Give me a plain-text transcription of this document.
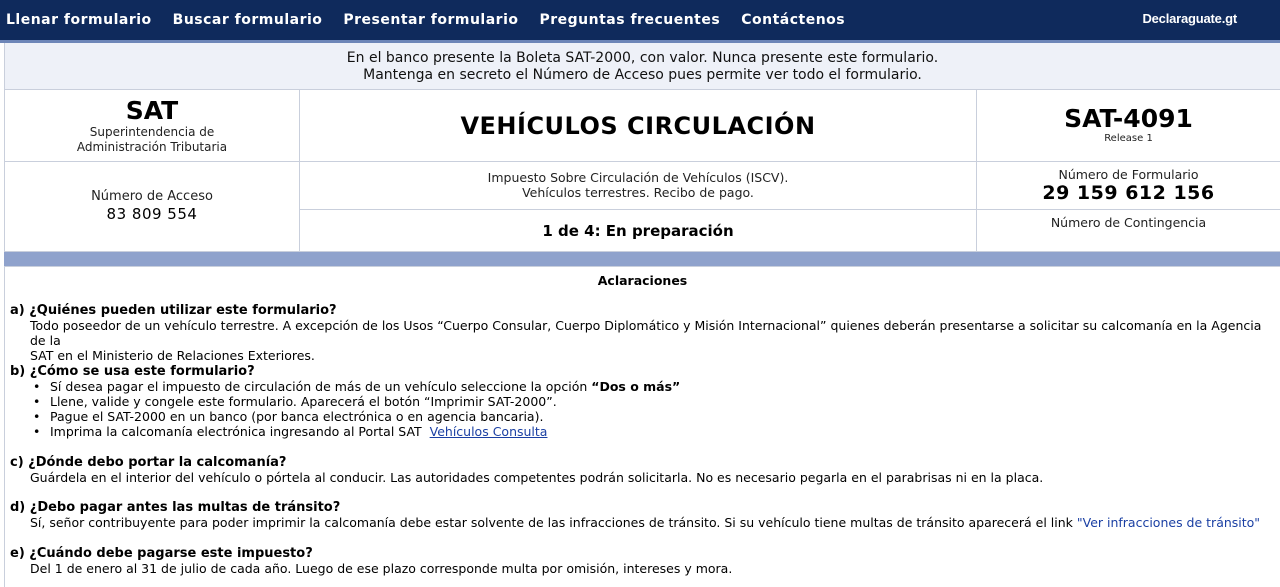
Llenar formulario Buscar formulario Presentar formulario Preguntas frecuentes Contáctenos	Declaraguate.gt
En el banco presente la Boleta SAT-2000, con valor. Nunca presente este formulario.
Mantenga en secreto el Número de Acceso pues permite ver todo el formulario.
SAT
Superintendencia de
Administración Tributaria
VEHÍCULOS CIRCULACIÓN	SAT-4091
Release 1
Número de Acceso
83 809 554
Impuesto Sobre Circulación de Vehículos (ISCV).
Vehículos terrestres. Recibo de pago.
1 de 4: En preparación
Número de Formulario
29 159 612 156
Número de Contingencia
Aclaraciones
a) ¿Quiénes pueden utilizar este formulario?
Todo poseedor de un vehículo terrestre. A excepción de los Usos “Cuerpo Consular, Cuerpo Diplomático y Misión Internacional” quienes deberán presentarse a solicitar su calcomanía en la Agencia de la
SAT en el Ministerio de Relaciones Exteriores.
b) ¿Cómo se usa este formulario?
• Sí desea pagar el impuesto de circulación de más de un vehículo seleccione la opción “Dos o más”
• Llene, valide y congele este formulario. Aparecerá el botón “Imprimir SAT-2000”.
• Pague el SAT-2000 en un banco (por banca electrónica o en agencia bancaria).
• Imprima la calcomanía electrónica ingresando al Portal SAT  Vehículos Consulta
c) ¿Dónde debo portar la calcomanía?
Guárdela en el interior del vehículo o pórtela al conducir. Las autoridades competentes podrán solicitarla. No es necesario pegarla en el parabrisas ni en la placa.
d) ¿Debo pagar antes las multas de tránsito?
Sí, señor contribuyente para poder imprimir la calcomanía debe estar solvente de las infracciones de tránsito. Si su vehículo tiene multas de tránsito aparecerá el link "Ver infracciones de tránsito"
e) ¿Cuándo debe pagarse este impuesto?
Del 1 de enero al 31 de julio de cada año. Luego de ese plazo corresponde multa por omisión, intereses y mora.
